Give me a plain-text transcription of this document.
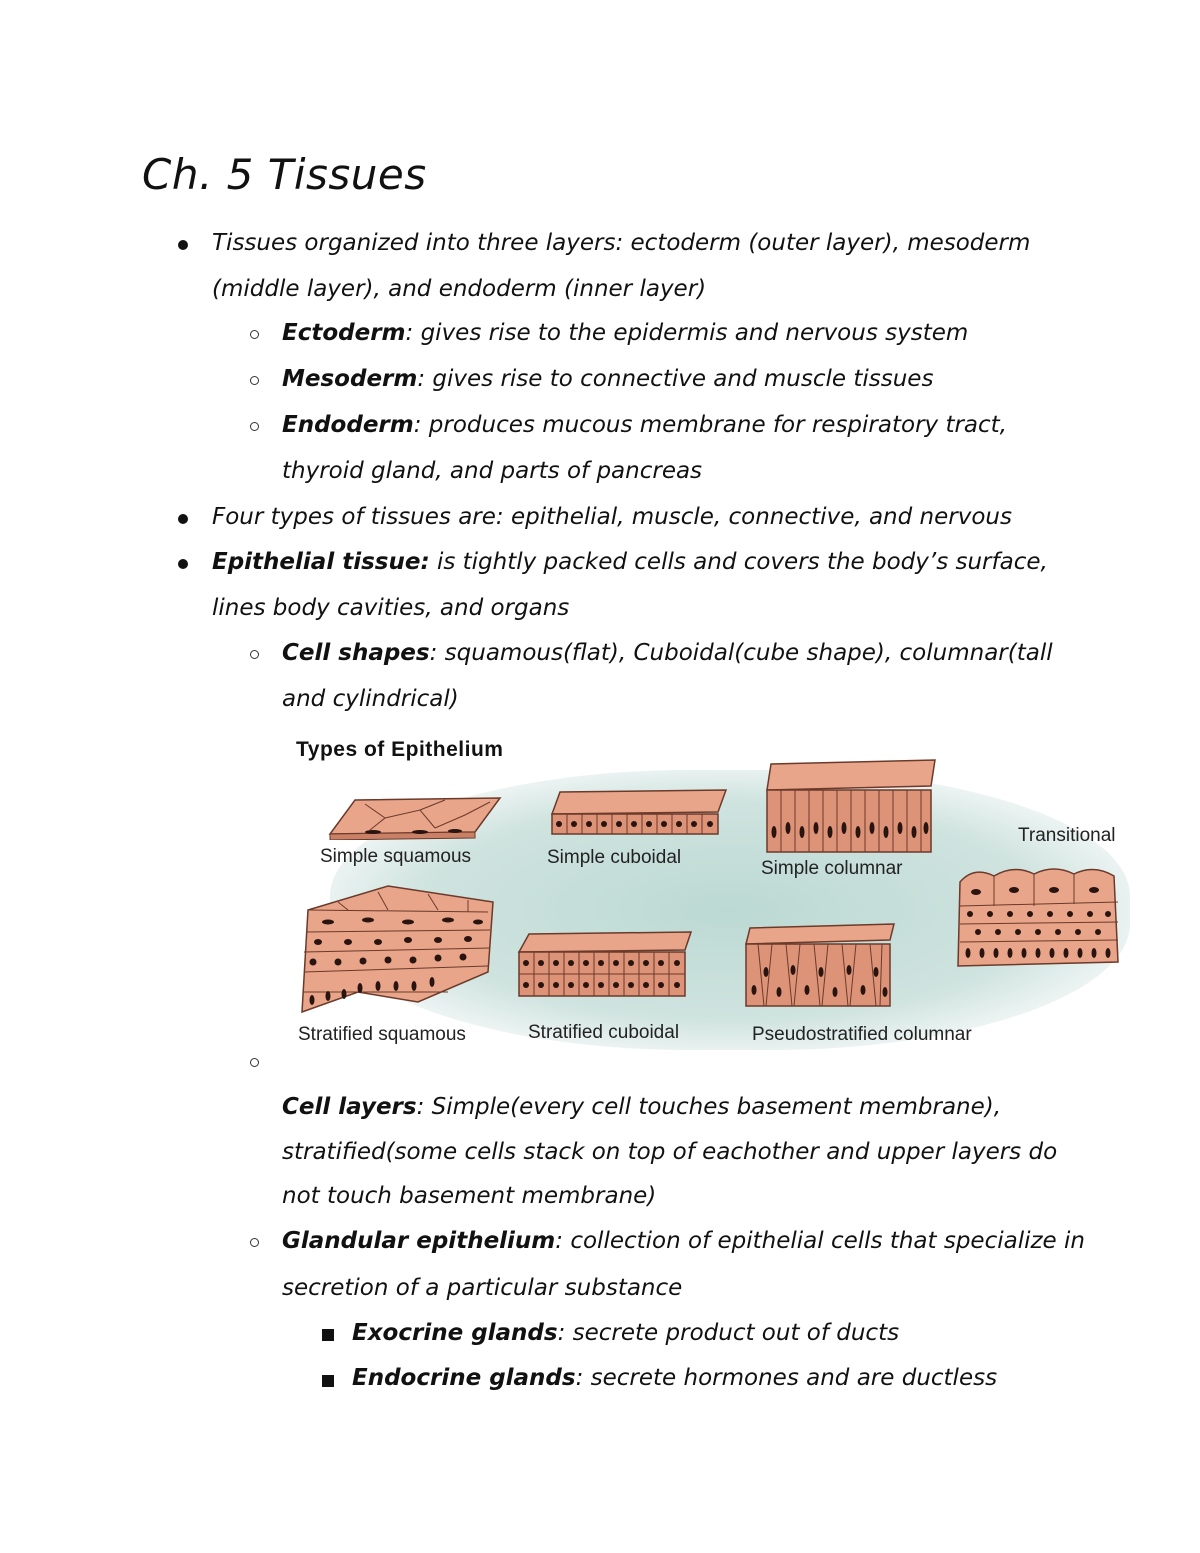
Ch. 5 Tissues
Tissues organized into three layers: ectoderm (outer layer), mesoderm
(middle layer), and endoderm (inner layer)
Ectoderm: gives rise to the epidermis and nervous system
Mesoderm: gives rise to connective and muscle tissues
Endoderm: produces mucous membrane for respiratory tract,
thyroid gland, and parts of pancreas
Four types of tissues are: epithelial, muscle, connective, and nervous
Epithelial tissue: is tightly packed cells and covers the body’s surface,
lines body cavities, and organs
Cell shapes: squamous(flat), Cuboidal(cube shape), columnar(tall
and cylindrical)
Types of Epithelium
Simple squamous	Simple cuboidal
Simple columnar
Transitional
Stratified squamous	Stratified cuboidal	Pseudostratified columnar
Cell layers: Simple(every cell touches basement membrane),
stratified(some cells stack on top of eachother and upper layers do
not touch basement membrane)
Glandular epithelium: collection of epithelial cells that specialize in
secretion of a particular substance
Exocrine glands: secrete product out of ducts
Endocrine glands: secrete hormones and are ductless
